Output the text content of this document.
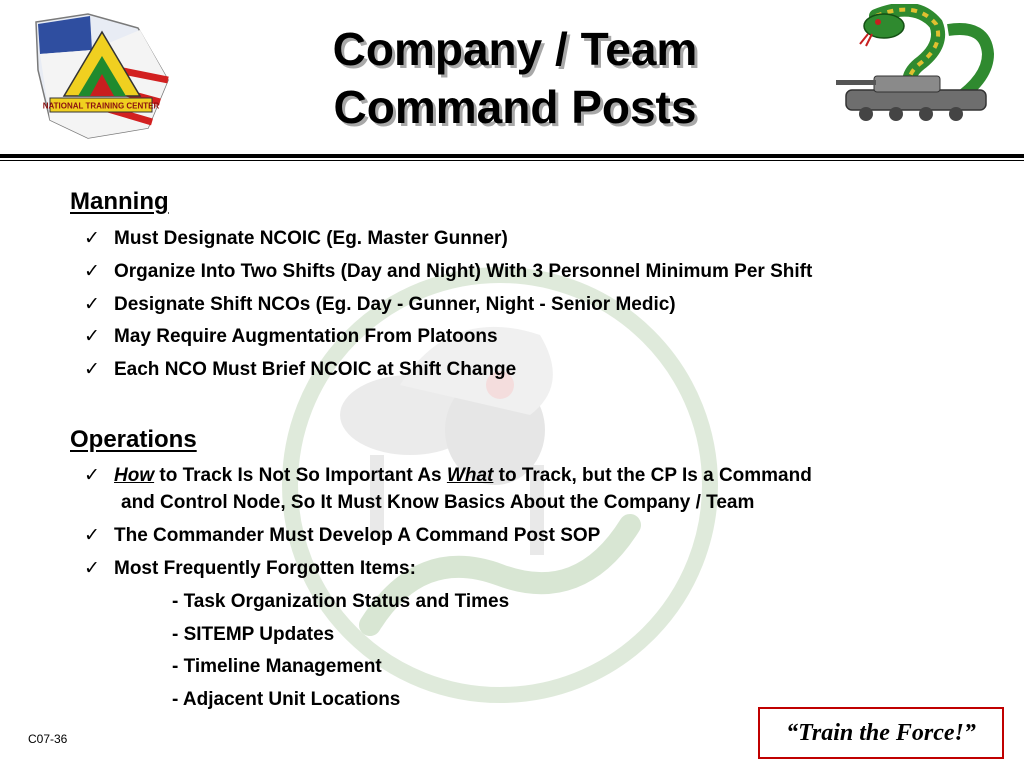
NATIONAL TRAINING CENTER
Company / Team
Command Posts
Manning
✓ Must Designate NCOIC (Eg. Master Gunner)
✓ Organize Into Two Shifts (Day and Night) With 3 Personnel Minimum Per Shift
✓ Designate Shift NCOs (Eg. Day - Gunner, Night - Senior Medic)
✓ May Require Augmentation From Platoons
✓ Each NCO Must Brief NCOIC at Shift Change
Operations
✓ How to Track Is Not So Important As What to Track, but the CP Is a Command
and Control Node, So It Must Know Basics About the Company / Team
✓ The Commander Must Develop A Command Post SOP
✓ Most Frequently Forgotten Items:
- Task Organization Status and Times
- SITEMP Updates
- Timeline Management
- Adjacent Unit Locations
C07-36	“Train the Force!”
